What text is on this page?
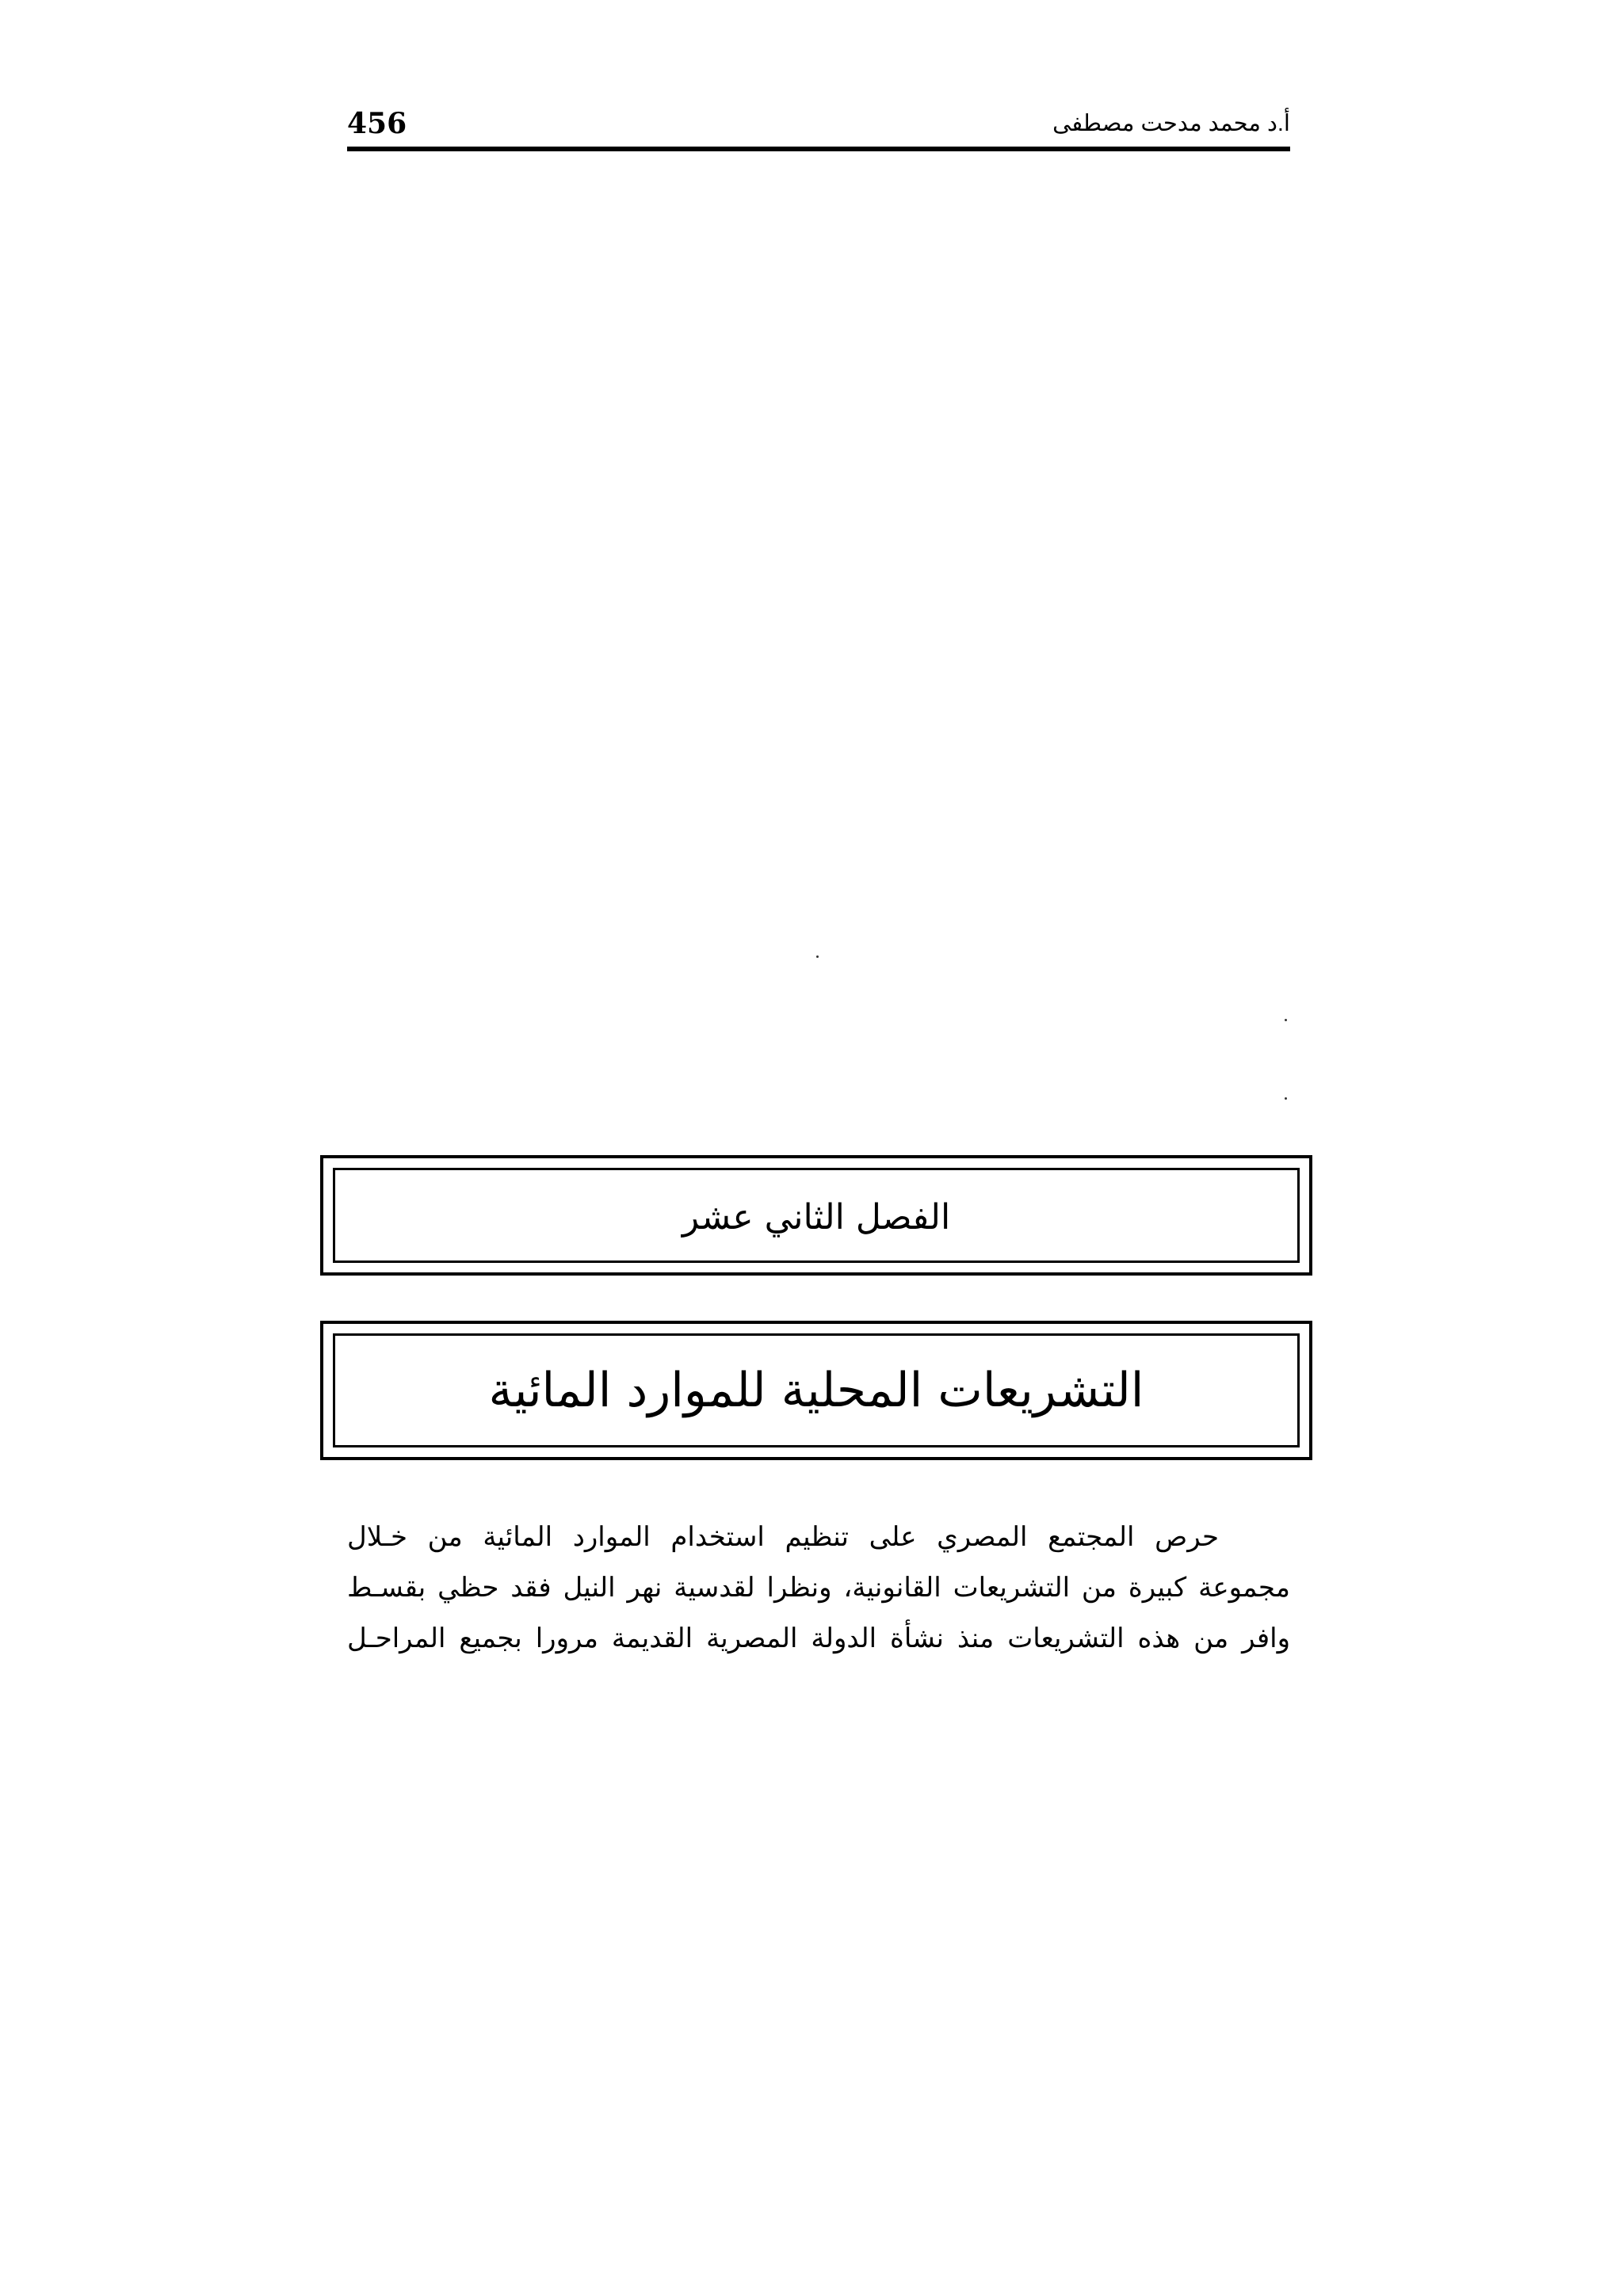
456	أ.د محمد مدحت مصطفى
الفصل الثاني عشر
التشريعات المحلية للموارد المائية
حرص المجتمع المصري على تنظيم استخدام الموارد المائية من خـلال
مجموعة كبيرة من التشريعات القانونية، ونظرا لقدسية نهر النيل فقد حظي بقسـط
وافر من هذه التشريعات منذ نشأة الدولة المصرية القديمة مرورا بجميع المراحـل
